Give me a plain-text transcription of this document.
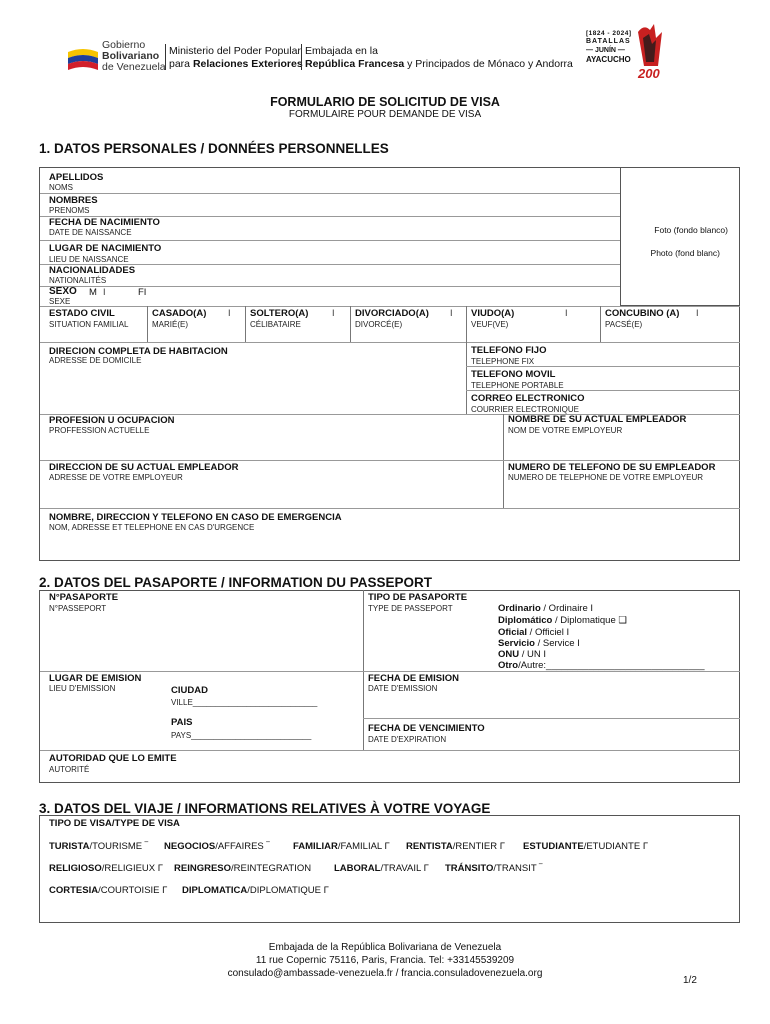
Gobierno
Bolivariano
de Venezuela
Ministerio del Poder Popular
para Relaciones Exteriores
Embajada en la
República Francesa y Principados de Mónaco y Andorra
[1824 - 2024]
BATALLAS
— JUNÍN —
AYACUCHO
200
FORMULARIO DE SOLICITUD DE VISA
FORMULAIRE POUR DEMANDE DE VISA
1. DATOS PERSONALES / DONNÉES PERSONNELLES
Foto (fondo blanco)
Photo (fond blanc)
APELLIDOS
NOMS
NOMBRES
PRENOMS
FECHA DE NACIMIENTO
DATE DE NAISSANCE
LUGAR DE NACIMIENTO
LIEU DE NAISSANCE
NACIONALIDADES
NATIONALITÉS
SEXO M I	FI
SEXE
ESTADO CIVIL
SITUATION FAMILIAL
CASADO(A) I
MARIÉ(E)
SOLTERO(A)	I
CÉLIBATAIRE
DIVORCIADO(A) I
DIVORCÉ(E)
VIUDO(A)	I
VEUF(VE)
CONCUBINO (A) I
PACSÉ(E)
DIRECION COMPLETA DE HABITACION
ADRESSE DE DOMICILE
TELEFONO FIJO
TELEPHONE FIX
TELEFONO MOVIL
TELEPHONE PORTABLE
CORREO ELECTRONICO
COURRIER ELECTRONIQUE
PROFESION U OCUPACION
PROFFESSION ACTUELLE
NOMBRE DE SU ACTUAL EMPLEADOR
NOM DE VOTRE EMPLOYEUR
DIRECCION DE SU ACTUAL EMPLEADOR
ADRESSE DE VOTRE EMPLOYEUR
NUMERO DE TELEFONO DE SU EMPLEADOR
NUMERO DE TELEPHONE DE VOTRE EMPLOYEUR
NOMBRE, DIRECCION Y TELEFONO EN CASO DE EMERGENCIA
NOM, ADRESSE ET TELEPHONE EN CAS D'URGENCE
2. DATOS DEL PASAPORTE / INFORMATION DU PASSEPORT
N°PASAPORTE
N°PASSEPORT
TIPO DE PASAPORTE
TYPE DE PASSEPORT	Ordinario / Ordinaire I
Diplomático / Diplomatique ❑
Oficial / Officiel I
Servicio / Service I
ONU / UN I
Otro/Autre:______________________________
LUGAR DE EMISION
LIEU D'EMISSION	CIUDAD
VILLE____________________________
PAIS
PAYS___________________________
FECHA DE EMISION
DATE D'EMISSION
FECHA DE VENCIMIENTO
DATE D'EXPIRATION
AUTORIDAD QUE LO EMITE
AUTORITÉ
3. DATOS DEL VIAJE / INFORMATIONS RELATIVES À VOTRE VOYAGE
TIPO DE VISA/TYPE DE VISA
TURISTA/TOURISME ‾ NEGOCIOS/AFFAIRES ‾ FAMILIAR/FAMILIAL Γ RENTISTA/RENTIER Γ ESTUDIANTE/ETUDIANTE Γ
RELIGIOSO/RELIGIEUX Γ REINGRESO/REINTEGRATION LABORAL/TRAVAIL Γ TRÁNSITO/TRANSIT ‾
CORTESIA/COURTOISIE Γ DIPLOMATICA/DIPLOMATIQUE Γ
Embajada de la República Bolivariana de Venezuela
11 rue Copernic 75116, Paris, Francia. Tel: +33145539209
consulado@ambassade-venezuela.fr / francia.consuladovenezuela.org
1/2
